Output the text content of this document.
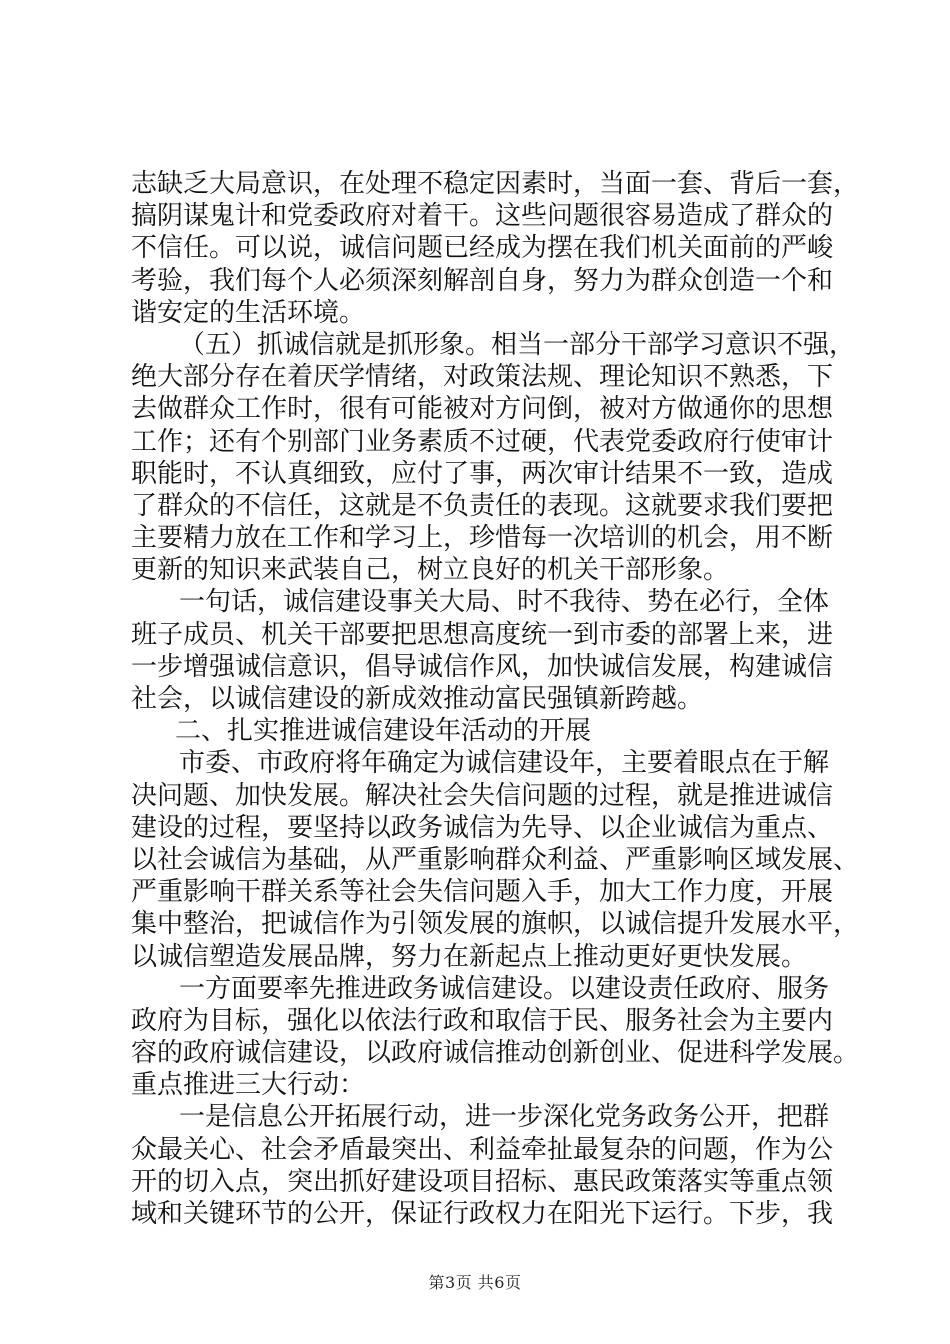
志缺乏大局意识，在处理不稳定因素时，当面一套、背后一套，
搞阴谋鬼计和党委政府对着干。这些问题很容易造成了群众的
不信任。可以说，诚信问题已经成为摆在我们机关面前的严峻
考验，我们每个人必须深刻解剖自身，努力为群众创造一个和
谐安定的生活环境。
（五）抓诚信就是抓形象。相当一部分干部学习意识不强，
绝大部分存在着厌学情绪，对政策法规、理论知识不熟悉，下
去做群众工作时，很有可能被对方问倒，被对方做通你的思想
工作；还有个别部门业务素质不过硬，代表党委政府行使审计
职能时，不认真细致，应付了事，两次审计结果不一致，造成
了群众的不信任，这就是不负责任的表现。这就要求我们要把
主要精力放在工作和学习上，珍惜每一次培训的机会，用不断
更新的知识来武装自己，树立良好的机关干部形象。
一句话，诚信建设事关大局、时不我待、势在必行，全体
班子成员、机关干部要把思想高度统一到市委的部署上来，进
一步增强诚信意识，倡导诚信作风，加快诚信发展，构建诚信
社会，以诚信建设的新成效推动富民强镇新跨越。
二、扎实推进诚信建设年活动的开展
市委、市政府将年确定为诚信建设年，主要着眼点在于解
决问题、加快发展。解决社会失信问题的过程，就是推进诚信
建设的过程，要坚持以政务诚信为先导、以企业诚信为重点、
以社会诚信为基础，从严重影响群众利益、严重影响区域发展、
严重影响干群关系等社会失信问题入手，加大工作力度，开展
集中整治，把诚信作为引领发展的旗帜，以诚信提升发展水平，
以诚信塑造发展品牌，努力在新起点上推动更好更快发展。
一方面要率先推进政务诚信建设。以建设责任政府、服务
政府为目标，强化以依法行政和取信于民、服务社会为主要内
容的政府诚信建设，以政府诚信推动创新创业、促进科学发展。
重点推进三大行动：
一是信息公开拓展行动，进一步深化党务政务公开，把群
众最关心、社会矛盾最突出、利益牵扯最复杂的问题，作为公
开的切入点，突出抓好建设项目招标、惠民政策落实等重点领
域和关键环节的公开，保证行政权力在阳光下运行。下步，我
第3页 共6页
